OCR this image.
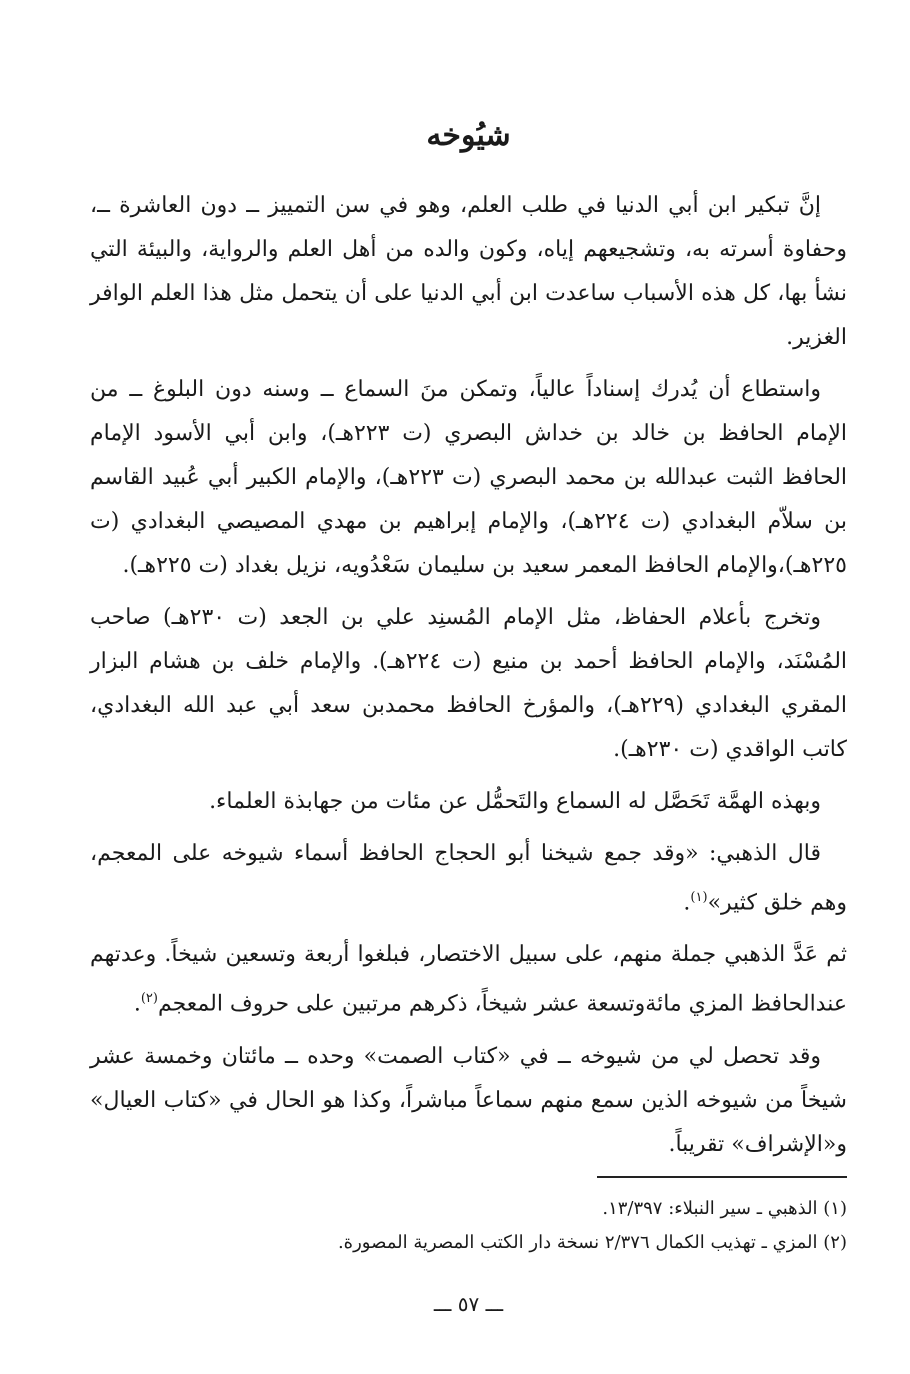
شيُوخه

إنَّ تبكير ابن أبي الدنيا في طلب العلم، وهو في سن التمييز ــ دون العاشرة ــ، وحفاوة أسرته به، وتشجيعهم إياه، وكون والده من أهل العلم والرواية، والبيئة التي نشأ بها، كل هذه الأسباب ساعدت ابن أبي الدنيا على أن يتحمل مثل هذا العلم الوافر الغزير.

واستطاع أن يُدرك إسناداً عالياً، وتمكن منَ السماع ــ وسنه دون البلوغ ــ من الإمام الحافظ بن خالد بن خداش البصري (ت ٢٢٣هـ)، وابن أبي الأسود الإمام الحافظ الثبت عبدالله بن محمد البصري (ت ٢٢٣هـ)، والإمام الكبير أبي عُبيد القاسم بن سلاّم البغدادي (ت ٢٢٤هـ)، والإمام إبراهيم بن مهدي المصيصي البغدادي (ت ٢٢٥هـ)،والإمام الحافظ المعمر سعيد بن سليمان سَعْدُويه، نزيل بغداد (ت ٢٢٥هـ).

وتخرج بأعلام الحفاظ، مثل الإمام المُسنِد علي بن الجعد (ت ٢٣٠هـ) صاحب المُسْنَد، والإمام الحافظ أحمد بن منيع (ت ٢٢٤هـ). والإمام خلف بن هشام البزار المقري البغدادي (٢٢٩هـ)، والمؤرخ الحافظ محمدبن سعد أبي عبد الله البغدادي، كاتب الواقدي (ت ٢٣٠هـ).

وبهذه الهمَّة تَحَصَّل له السماع والتَحمُّل عن مئات من جهابذة العلماء.

قال الذهبي: «وقد جمع شيخنا أبو الحجاج الحافظ أسماء شيوخه على المعجم، وهم خلق كثير»$^{(١)}$.

ثم عَدَّ الذهبي جملة منهم، على سبيل الاختصار، فبلغوا أربعة وتسعين شيخاً. وعدتهم عندالحافظ المزي مائةوتسعة عشر شيخاً، ذكرهم مرتبين على حروف المعجم$^{(٢)}$.

وقد تحصل لي من شيوخه ــ في «كتاب الصمت» وحده ــ مائتان وخمسة عشر شيخاً من شيوخه الذين سمع منهم سماعاً مباشراً، وكذا هو الحال في «كتاب العيال» و«الإشراف» تقريباً.

(١) الذهبي ـ سير النبلاء: ١٣/٣٩٧.

(٢) المزي ـ تهذيب الكمال ٢/٣٧٦ نسخة دار الكتب المصرية المصورة.

ـــ ٥٧ ـــ
